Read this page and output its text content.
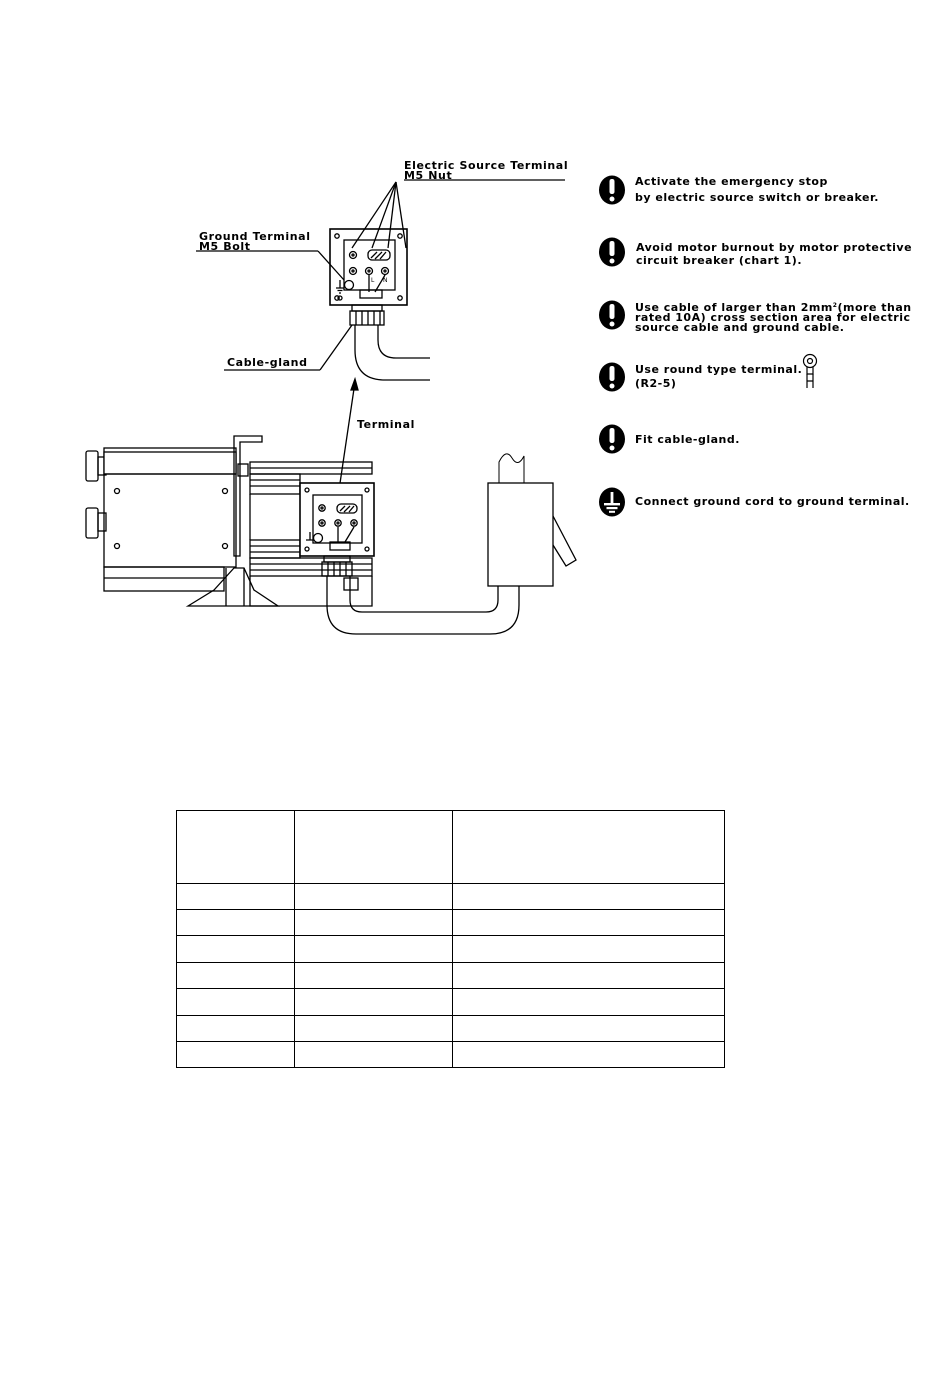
Electric Source Terminal
M5 Nut
Ground Terminal
M5 Bolt
Cable-gland
Terminal
L N
Activate the emergency stop
by electric source switch or breaker.
Avoid motor burnout by motor protective
circuit breaker (chart 1).
Use cable of larger than $2mm^2(more$ than
rated 10A) cross section area for electric
source cable and ground cable.
Use round type terminal.
(R2-5)
Fit cable-gland.
Connect ground cord to ground terminal.
